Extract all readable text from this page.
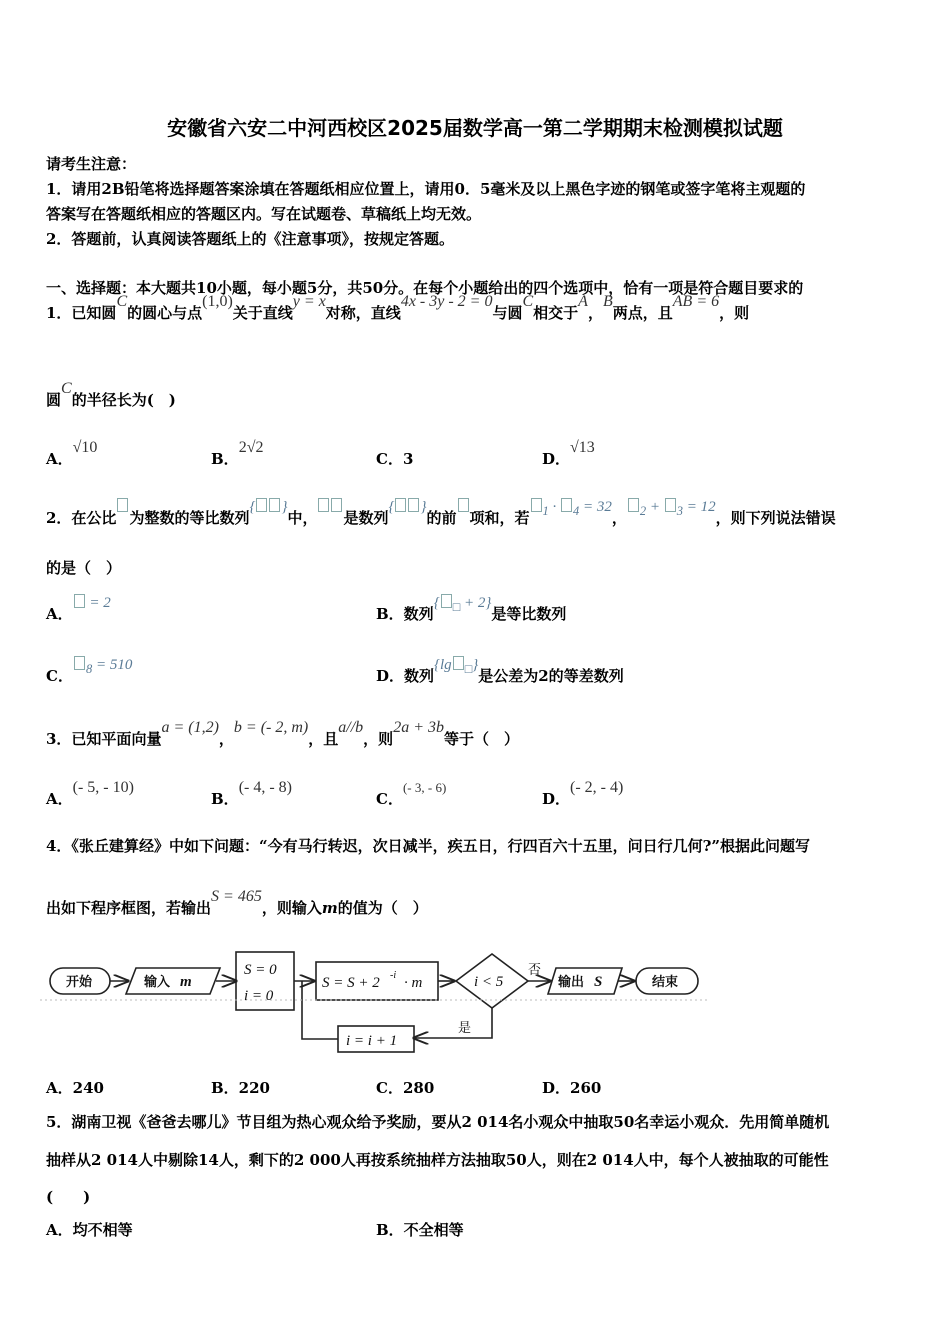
安徽省六安二中河西校区2025届数学高一第二学期期末检测模拟试题
请考生注意：
1．请用2B铅笔将选择题答案涂填在答题纸相应位置上，请用0．5毫米及以上黑色字迹的钢笔或签字笔将主观题的
答案写在答题纸相应的答题区内。写在试题卷、草稿纸上均无效。
2．答题前，认真阅读答题纸上的《注意事项》，按规定答题。
一、选择题：本大题共10小题，每小题5分，共50分。在每个小题给出的四个选项中，恰有一项是符合题目要求的
1．已知圆C的圆心与点(1,0)关于直线y = x对称，直线4x - 3y - 2 = 0与圆C相交于A，B两点，且AB = 6，则
圆C的半径长为(　)
A．√10
B．2√2
C．3	D．√13
2．在公比 为整数的等比数列{ }中， 是数列{ }的前 项和，若 $_1$ · $_4$ = 32， $_2$ + $_3$ = 12，则下列说法错误
的是（　）
A． = 2
B．数列{ $_□$ + 2}是等比数列
C． $_8$ = 510
D．数列{lg $_□$}是公差为2的等差数列
3．已知平面向量a = (1,2)，b = (- 2, m)，且a//b，则2a + 3b等于（　）
A．(- 5, - 10)
B．(- 4, - 8)
C．(- 3, - 6)
D．(- 2, - 4)
4．《张丘建算经》中如下问题：“今有马行转迟，次日减半，疾五日，行四百六十五里，问日行几何?”根据此问题写
出如下程序框图，若输出S = 465，则输入m的值为（　）
开始	输入 m
S = 0
i = 0
S = S + 2 -i · m	i < 5
否
是
输出 S	结束
i = i + 1
A．240	B．220	C．280	D．260
5．湖南卫视《爸爸去哪儿》节目组为热心观众给予奖励，要从2 014名小观众中抽取50名幸运小观众．先用简单随机
抽样从2 014人中剔除14人，剩下的2 000人再按系统抽样方法抽取50人，则在2 014人中，每个人被抽取的可能性
(　　)
A．均不相等	B．不全相等
